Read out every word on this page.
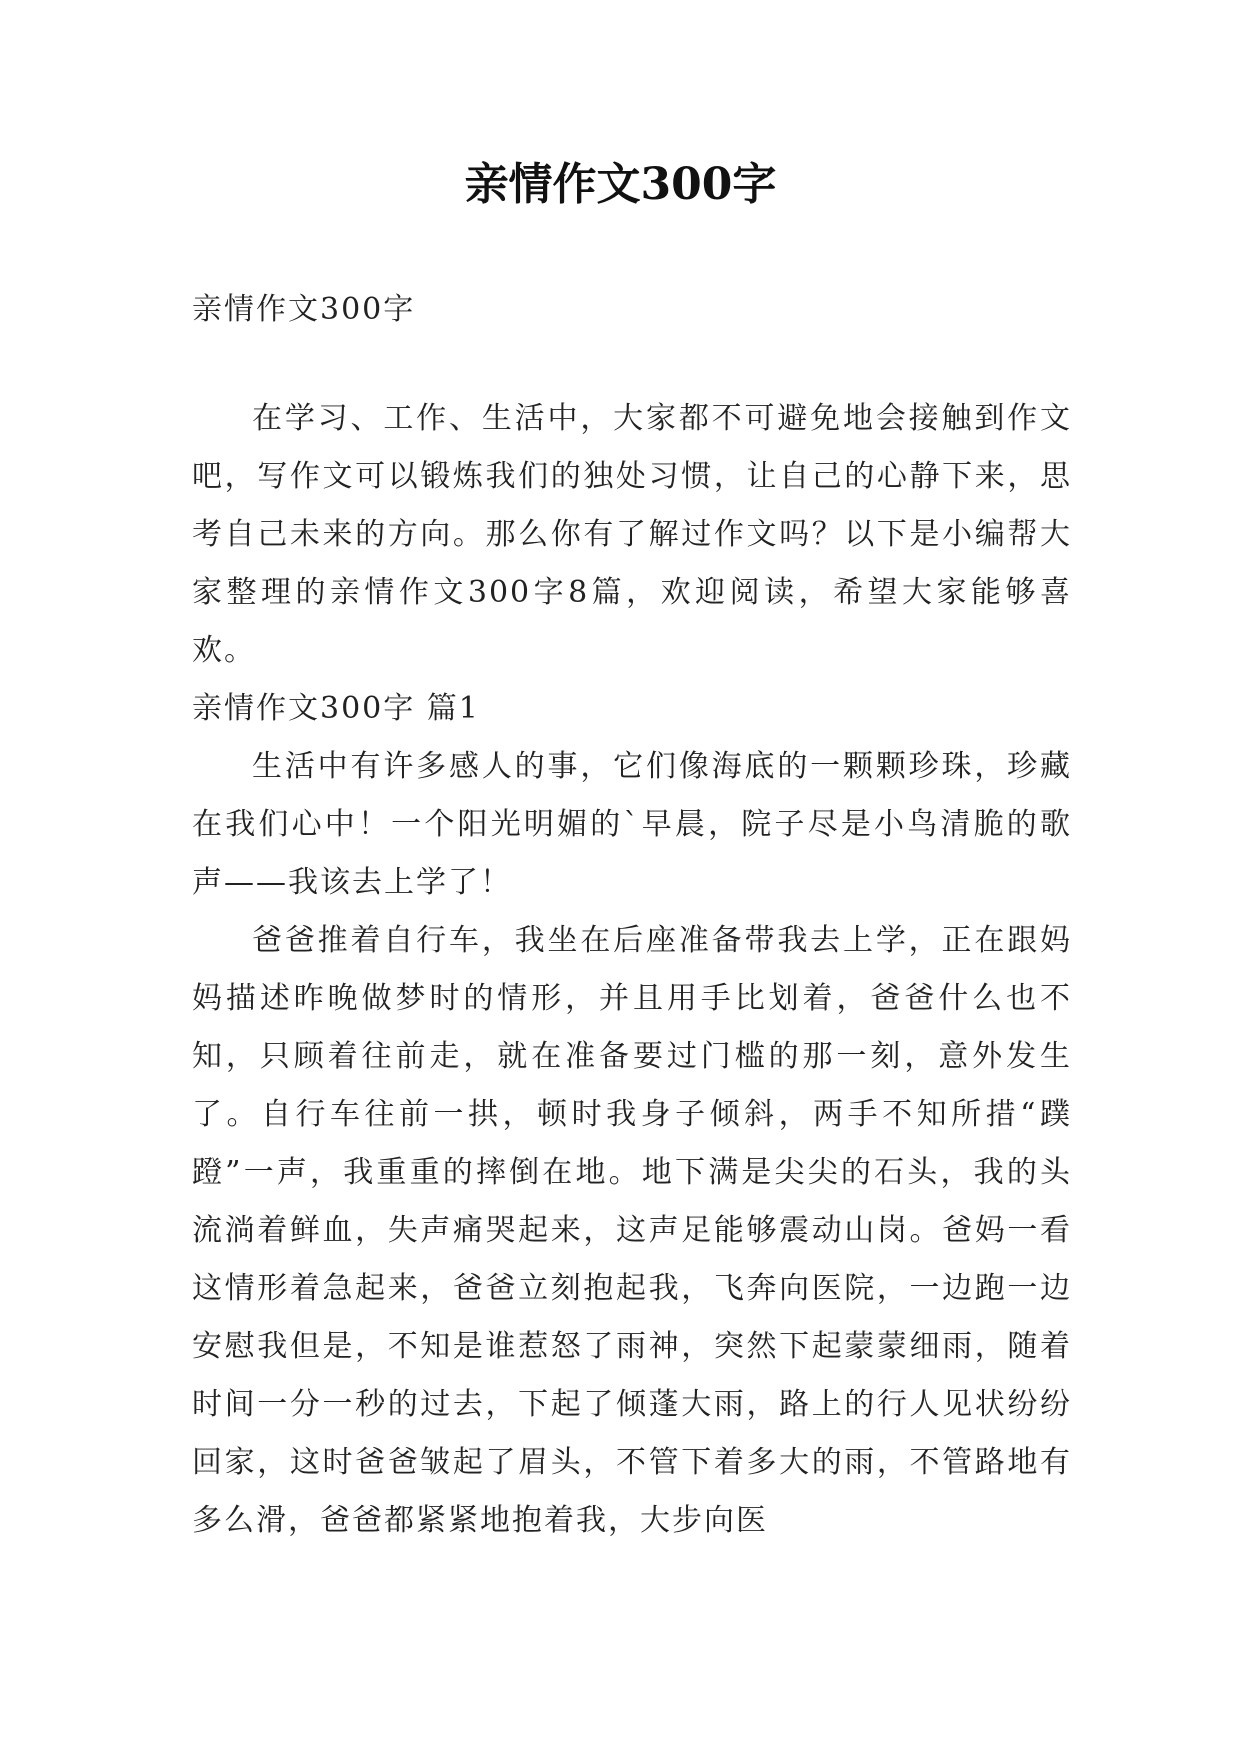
亲情作文300字

亲情作文300字

在学习、工作、生活中，大家都不可避免地会接触到作文吧，写作文可以锻炼我们的独处习惯，让自己的心静下来，思考自己未来的方向。那么你有了解过作文吗？以下是小编帮大家整理的亲情作文300字8篇，欢迎阅读，希望大家能够喜欢。

亲情作文300字 篇1

生活中有许多感人的事，它们像海底的一颗颗珍珠，珍藏在我们心中！一个阳光明媚的`早晨，院子尽是小鸟清脆的歌声——我该去上学了！

爸爸推着自行车，我坐在后座准备带我去上学，正在跟妈妈描述昨晚做梦时的情形，并且用手比划着，爸爸什么也不知，只顾着往前走，就在准备要过门槛的那一刻，意外发生了。自行车往前一拱，顿时我身子倾斜，两手不知所措“蹼蹬”一声，我重重的摔倒在地。地下满是尖尖的石头，我的头流淌着鲜血，失声痛哭起来，这声足能够震动山岗。爸妈一看这情形着急起来，爸爸立刻抱起我，飞奔向医院，一边跑一边安慰我但是，不知是谁惹怒了雨神，突然下起蒙蒙细雨，随着时间一分一秒的过去，下起了倾蓬大雨，路上的行人见状纷纷回家，这时爸爸皱起了眉头，不管下着多大的雨，不管路地有多么滑，爸爸都紧紧地抱着我，大步向医
